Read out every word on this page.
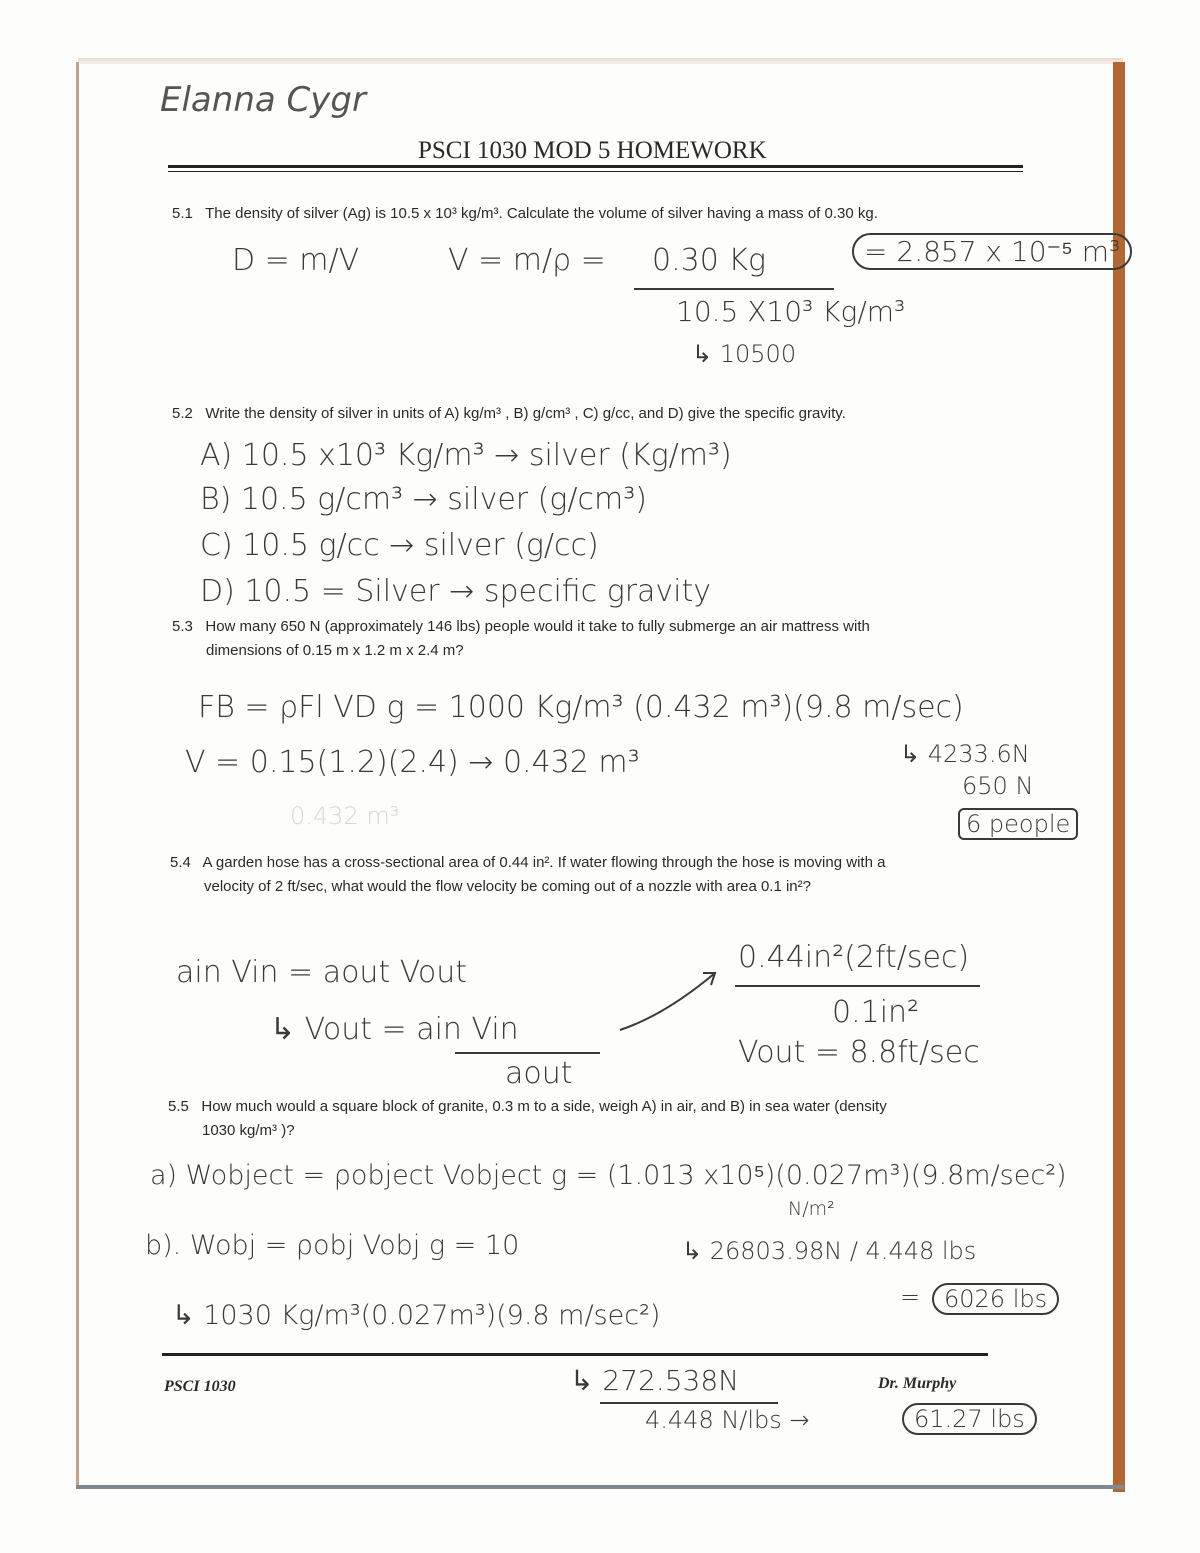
Elanna Cygr
PSCI 1030 MOD 5 HOMEWORK
5.1 The density of silver (Ag) is 10.5 x 10³ kg/m³. Calculate the volume of silver having a mass of 0.30 kg.
D = m/V	V = m/ρ = 0.30 Kg	= 2.857 x 10⁻⁵ m³
10.5 X10³ Kg/m³
↳ 10500
5.2 Write the density of silver in units of A) kg/m³ , B) g/cm³ , C) g/cc, and D) give the specific gravity.
A) 10.5 x10³ Kg/m³ → silver (Kg/m³)
B) 10.5 g/cm³ → silver (g/cm³)
C) 10.5 g/cc → silver (g/cc)
D) 10.5 = Silver → specific gravity
5.3 How many 650 N (approximately 146 lbs) people would it take to fully submerge an air mattress with
dimensions of 0.15 m x 1.2 m x 2.4 m?
FB = ρFl VD g = 1000 Kg/m³ (0.432 m³)(9.8 m/sec)
V = 0.15(1.2)(2.4) → 0.432 m³	↳ 4233.6N
650 N
0.432 m³	6 people
5.4 A garden hose has a cross-sectional area of 0.44 in². If water flowing through the hose is moving with a
velocity of 2 ft/sec, what would the flow velocity be coming out of a nozzle with area 0.1 in²?
ain Vin = aout Vout
↳ Vout = ain Vin
aout
0.44in²(2ft/sec)
0.1in²
Vout = 8.8ft/sec
5.5 How much would a square block of granite, 0.3 m to a side, weigh A) in air, and B) in sea water (density
1030 kg/m³ )?
a) Wobject = ρobject Vobject g = (1.013 x10⁵)(0.027m³)(9.8m/sec²)
N/m²
b). Wobj = ρobj Vobj g = 10	↳ 26803.98N / 4.448 lbs
= 6026 lbs
↳ 1030 Kg/m³(0.027m³)(9.8 m/sec²)
PSCI 1030	Dr. Murphy
↳ 272.538N
4.448 N/lbs →	61.27 lbs
